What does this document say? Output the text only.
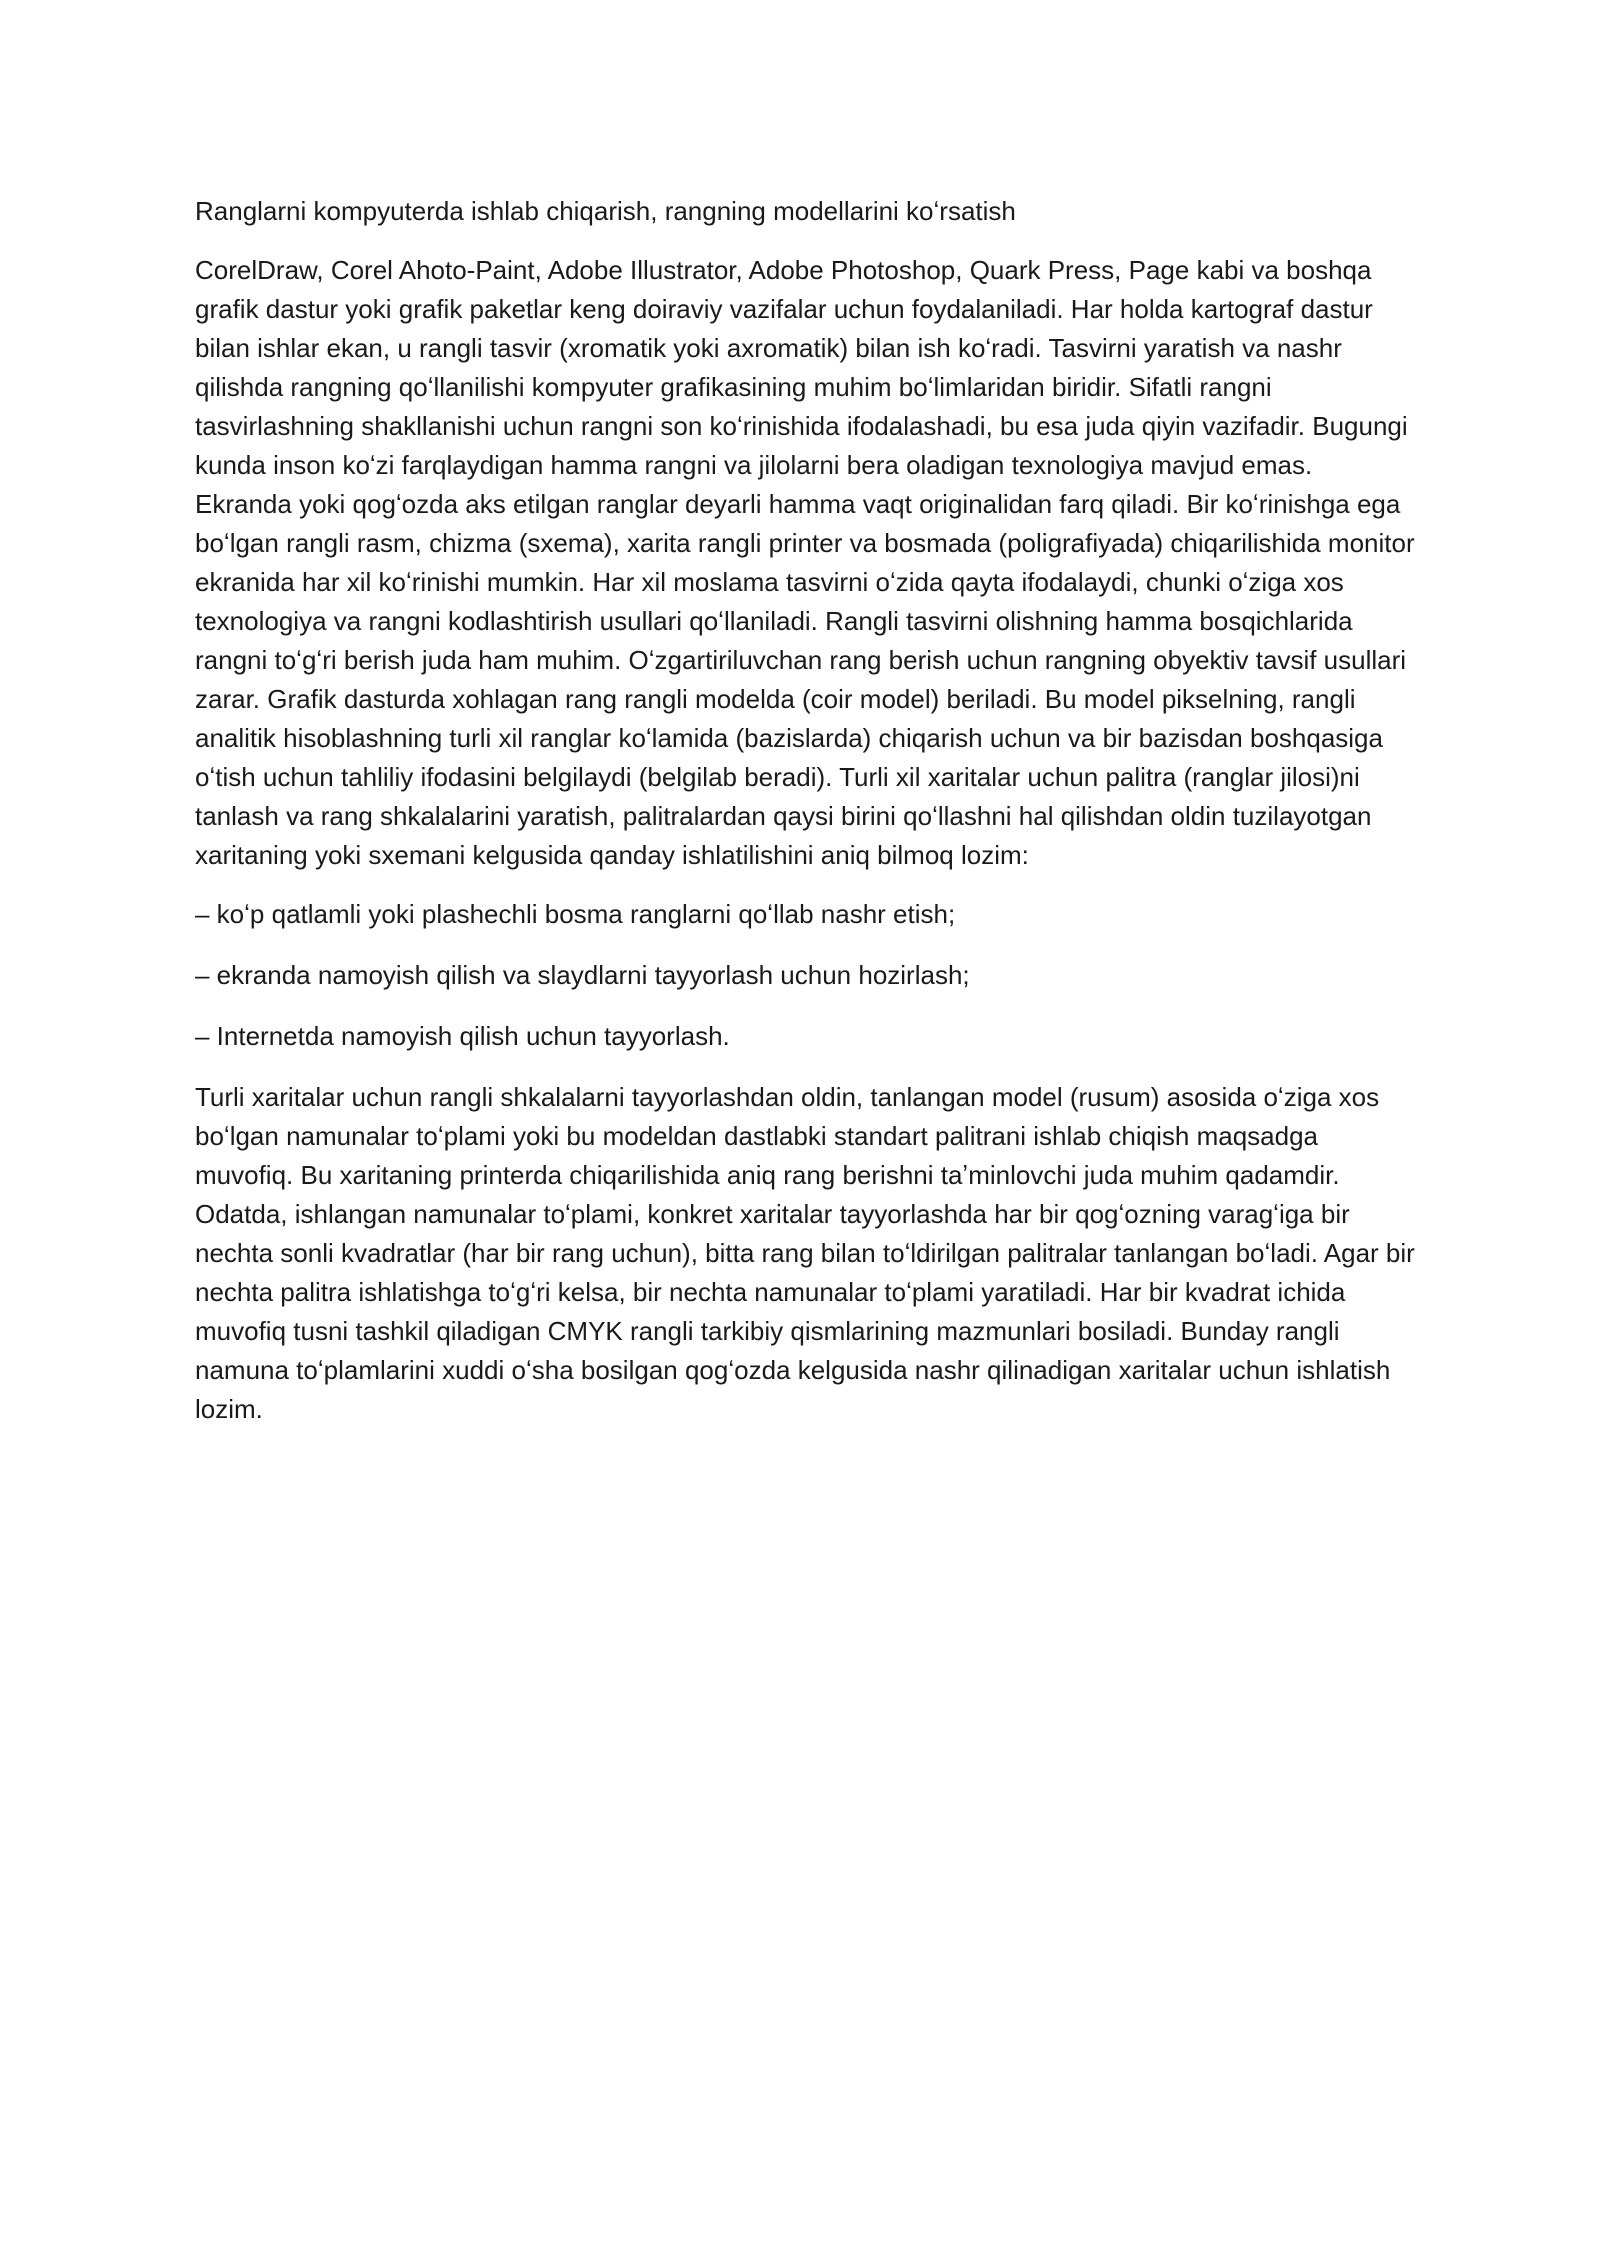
Ranglarni kompyuterda ishlab chiqarish, rangning modellarini koʻrsatish

CorelDraw, Corel Ahoto-Paint, Adobe Illustrator, Adobe Photoshop, Quark Press, Page kabi va boshqa grafik dastur yoki grafik paketlar keng doiraviy vazifalar uchun foydalaniladi. Har holda kartograf dastur bilan ishlar ekan, u rangli tasvir (xromatik yoki axromatik) bilan ish koʻradi. Tasvirni yaratish va nashr qilishda rangning qoʻllanilishi kompyuter grafikasining muhim boʻlimlaridan biridir. Sifatli rangni tasvirlashning shakllanishi uchun rangni son koʻrinishida ifodalashadi, bu esa juda qiyin vazifadir. Bugungi kunda inson koʻzi farqlaydigan hamma rangni va jilolarni bera oladigan texnologiya mavjud emas. Ekranda yoki qogʻozda aks etilgan ranglar deyarli hamma vaqt originalidan farq qiladi. Bir koʻrinishga ega boʻlgan rangli rasm, chizma (sxema), xarita rangli printer va bosmada (poligrafiyada) chiqarilishida monitor ekranida har xil koʻrinishi mumkin. Har xil moslama tasvirni oʻzida qayta ifodalaydi, chunki oʻziga xos texnologiya va rangni kodlashtirish usullari qoʻllaniladi. Rangli tasvirni olishning hamma bosqichlarida rangni toʻgʻri berish juda ham muhim. Oʻzgartiriluvchan rang berish uchun rangning obyektiv tavsif usullari zarar. Grafik dasturda xohlagan rang rangli modelda (coir model) beriladi. Bu model pikselning, rangli analitik hisoblashning turli xil ranglar koʻlamida (bazislarda) chiqarish uchun va bir bazisdan boshqasiga oʻtish uchun tahliliy ifodasini belgilaydi (belgilab beradi). Turli xil xaritalar uchun palitra (ranglar jilosi)ni tanlash va rang shkalalarini yaratish, palitralardan qaysi birini qoʻllashni hal qilishdan oldin tuzilayotgan xaritaning yoki sxemani kelgusida qanday ishlatilishini aniq bilmoq lozim:

– koʻp qatlamli yoki plashechli bosma ranglarni qoʻllab nashr etish;

– ekranda namoyish qilish va slaydlarni tayyorlash uchun hozirlash;

– Internetda namoyish qilish uchun tayyorlash.

Turli xaritalar uchun rangli shkalalarni tayyorlashdan oldin, tanlangan model (rusum) asosida oʻziga xos boʻlgan namunalar toʻplami yoki bu modeldan dastlabki standart palitrani ishlab chiqish maqsadga muvofiq. Bu xaritaning printerda chiqarilishida aniq rang berishni taʼminlovchi juda muhim qadamdir. Odatda, ishlangan namunalar toʻplami, konkret xaritalar tayyorlashda har bir qogʻozning varagʻiga bir nechta sonli kvadratlar (har bir rang uchun), bitta rang bilan toʻldirilgan palitralar tanlangan boʻladi. Agar bir nechta palitra ishlatishga toʻgʻri kelsa, bir nechta namunalar toʻplami yaratiladi. Har bir kvadrat ichida muvofiq tusni tashkil qiladigan CMYK rangli tarkibiy qismlarining mazmunlari bosiladi. Bunday rangli namuna toʻplamlarini xuddi oʻsha bosilgan qogʻozda kelgusida nashr qilinadigan xaritalar uchun ishlatish lozim.
